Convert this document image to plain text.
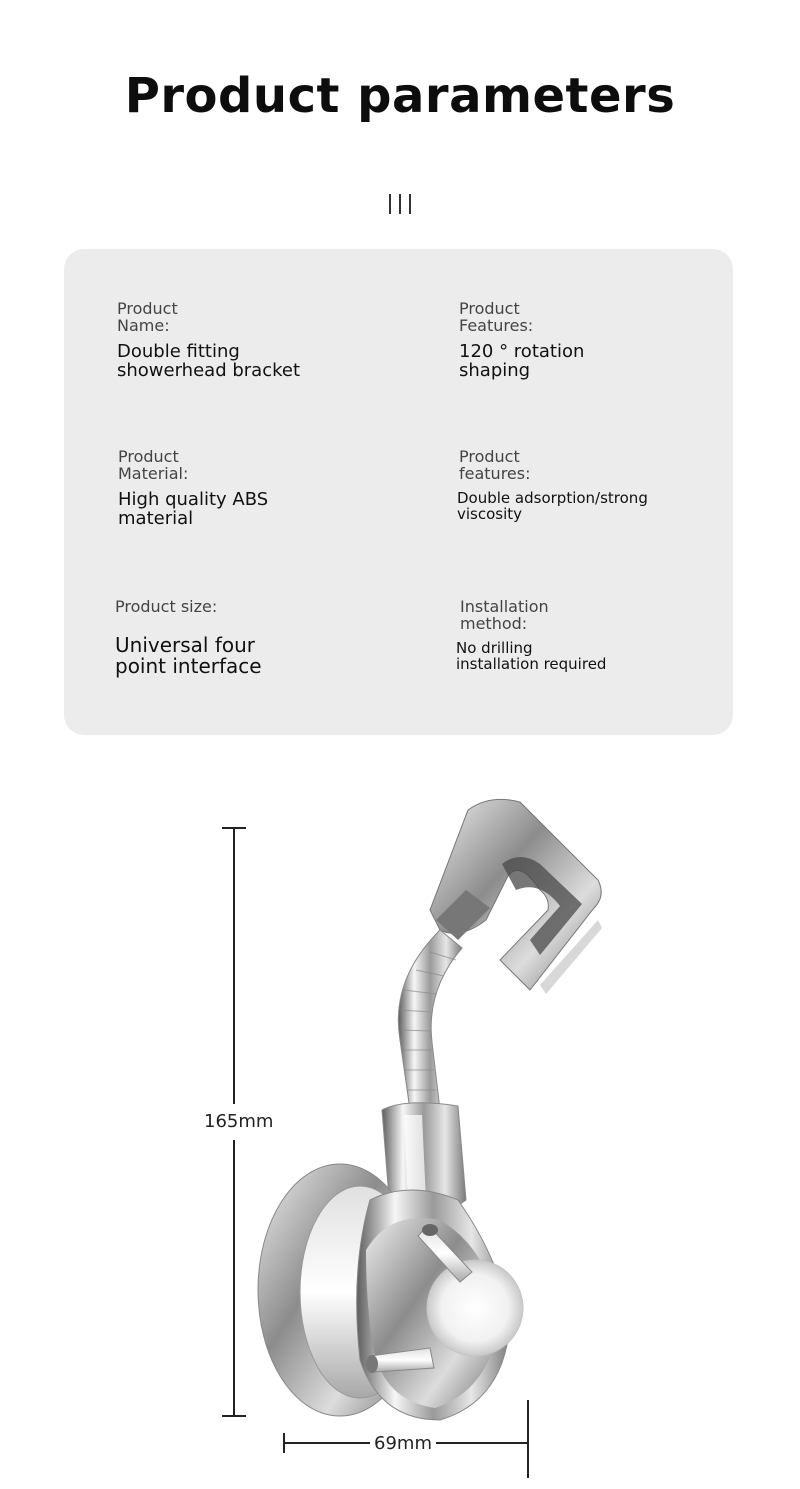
Product parameters
Product
Name:
Double fitting
showerhead bracket
Product
Features:
120 ° rotation
shaping
Product
Material:
High quality ABS
material
Product
features:
Double adsorption/strong
viscosity
Product size:
Universal four
point interface
Installation
method:
No drilling
installation required
165mm
69mm
